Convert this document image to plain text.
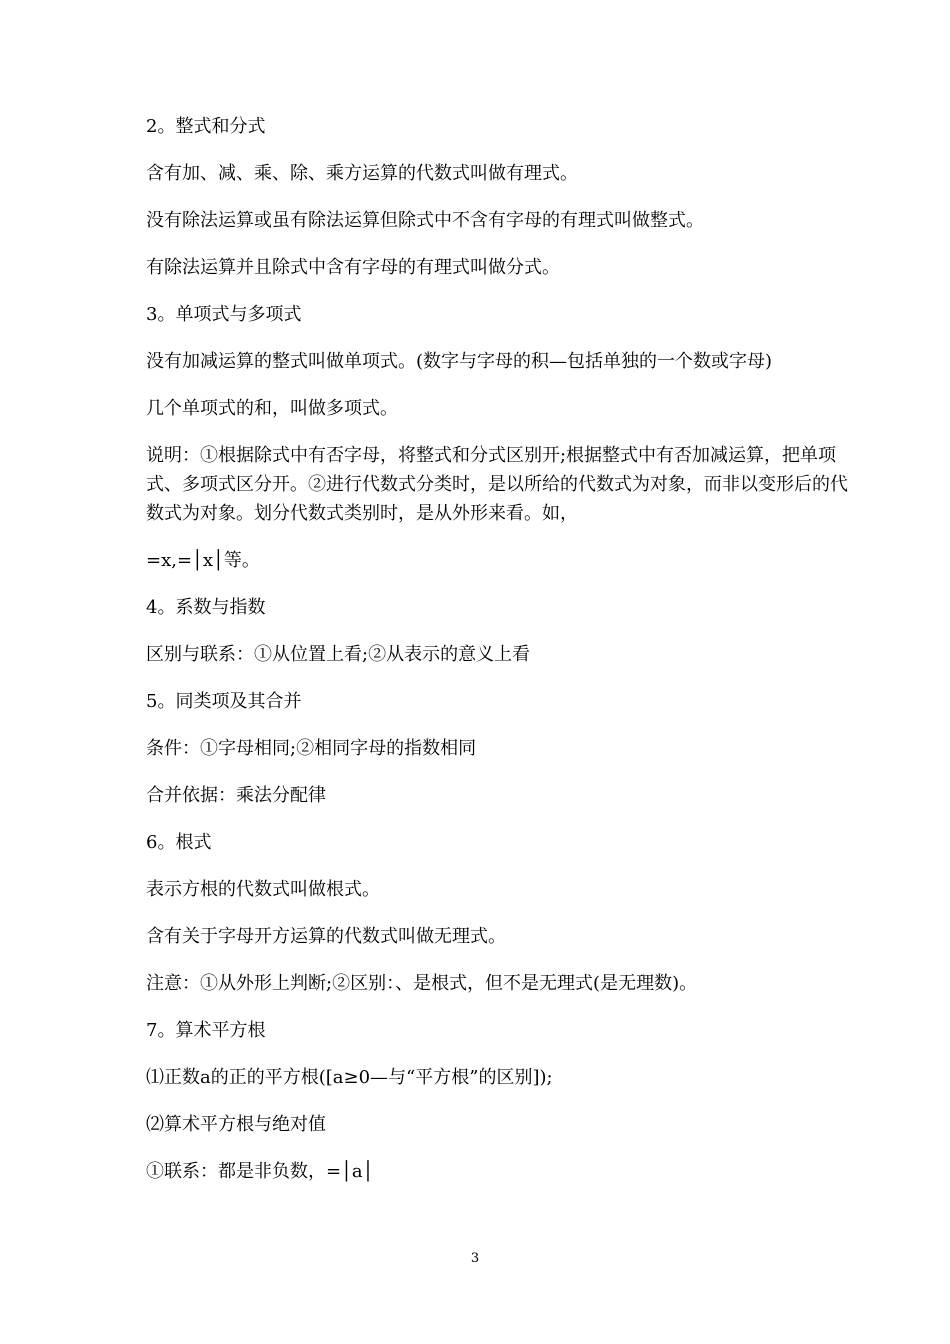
2。整式和分式

含有加、减、乘、除、乘方运算的代数式叫做有理式。

没有除法运算或虽有除法运算但除式中不含有字母的有理式叫做整式。

有除法运算并且除式中含有字母的有理式叫做分式。

3。单项式与多项式

没有加减运算的整式叫做单项式。(数字与字母的积—包括单独的一个数或字母)

几个单项式的和，叫做多项式。

说明：①根据除式中有否字母，将整式和分式区别开;根据整式中有否加减运算，把单项式、多项式区分开。②进行代数式分类时，是以所给的代数式为对象，而非以变形后的代数式为对象。划分代数式类别时，是从外形来看。如，

=x,=│x│等。

4。系数与指数

区别与联系：①从位置上看;②从表示的意义上看

5。同类项及其合并

条件：①字母相同;②相同字母的指数相同

合并依据：乘法分配律

6。根式

表示方根的代数式叫做根式。

含有关于字母开方运算的代数式叫做无理式。

注意：①从外形上判断;②区别：、是根式，但不是无理式(是无理数)。

7。算术平方根

⑴正数a的正的平方根([a≥0—与“平方根”的区别]);

⑵算术平方根与绝对值

①联系：都是非负数，=│a│

3
